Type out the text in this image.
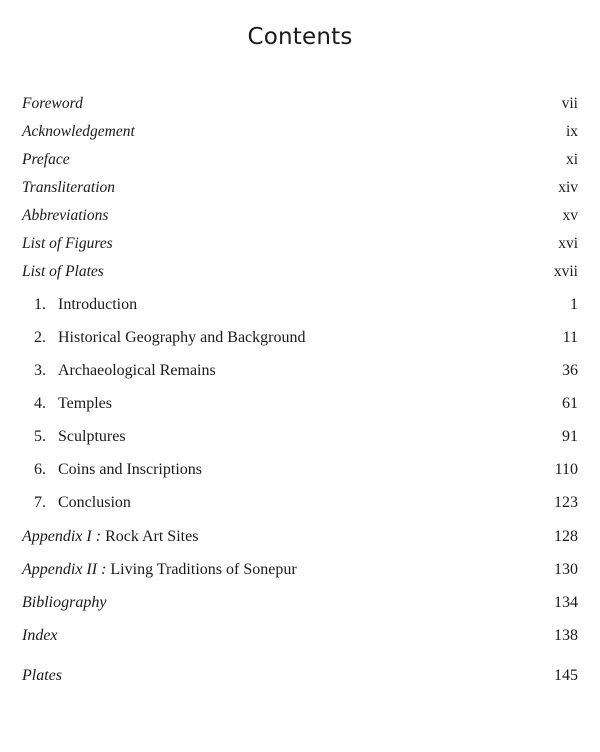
Contents
Foreword	vii
Acknowledgement	ix
Preface	xi
Transliteration	xiv
Abbreviations	xv
List of Figures	xvi
List of Plates	xvii
1. Introduction	1
2. Historical Geography and Background	11
3. Archaeological Remains	36
4. Temples	61
5. Sculptures	91
6. Coins and Inscriptions	110
7. Conclusion	123
Appendix I : Rock Art Sites	128
Appendix II : Living Traditions of Sonepur	130
Bibliography	134
Index	138
Plates	145
